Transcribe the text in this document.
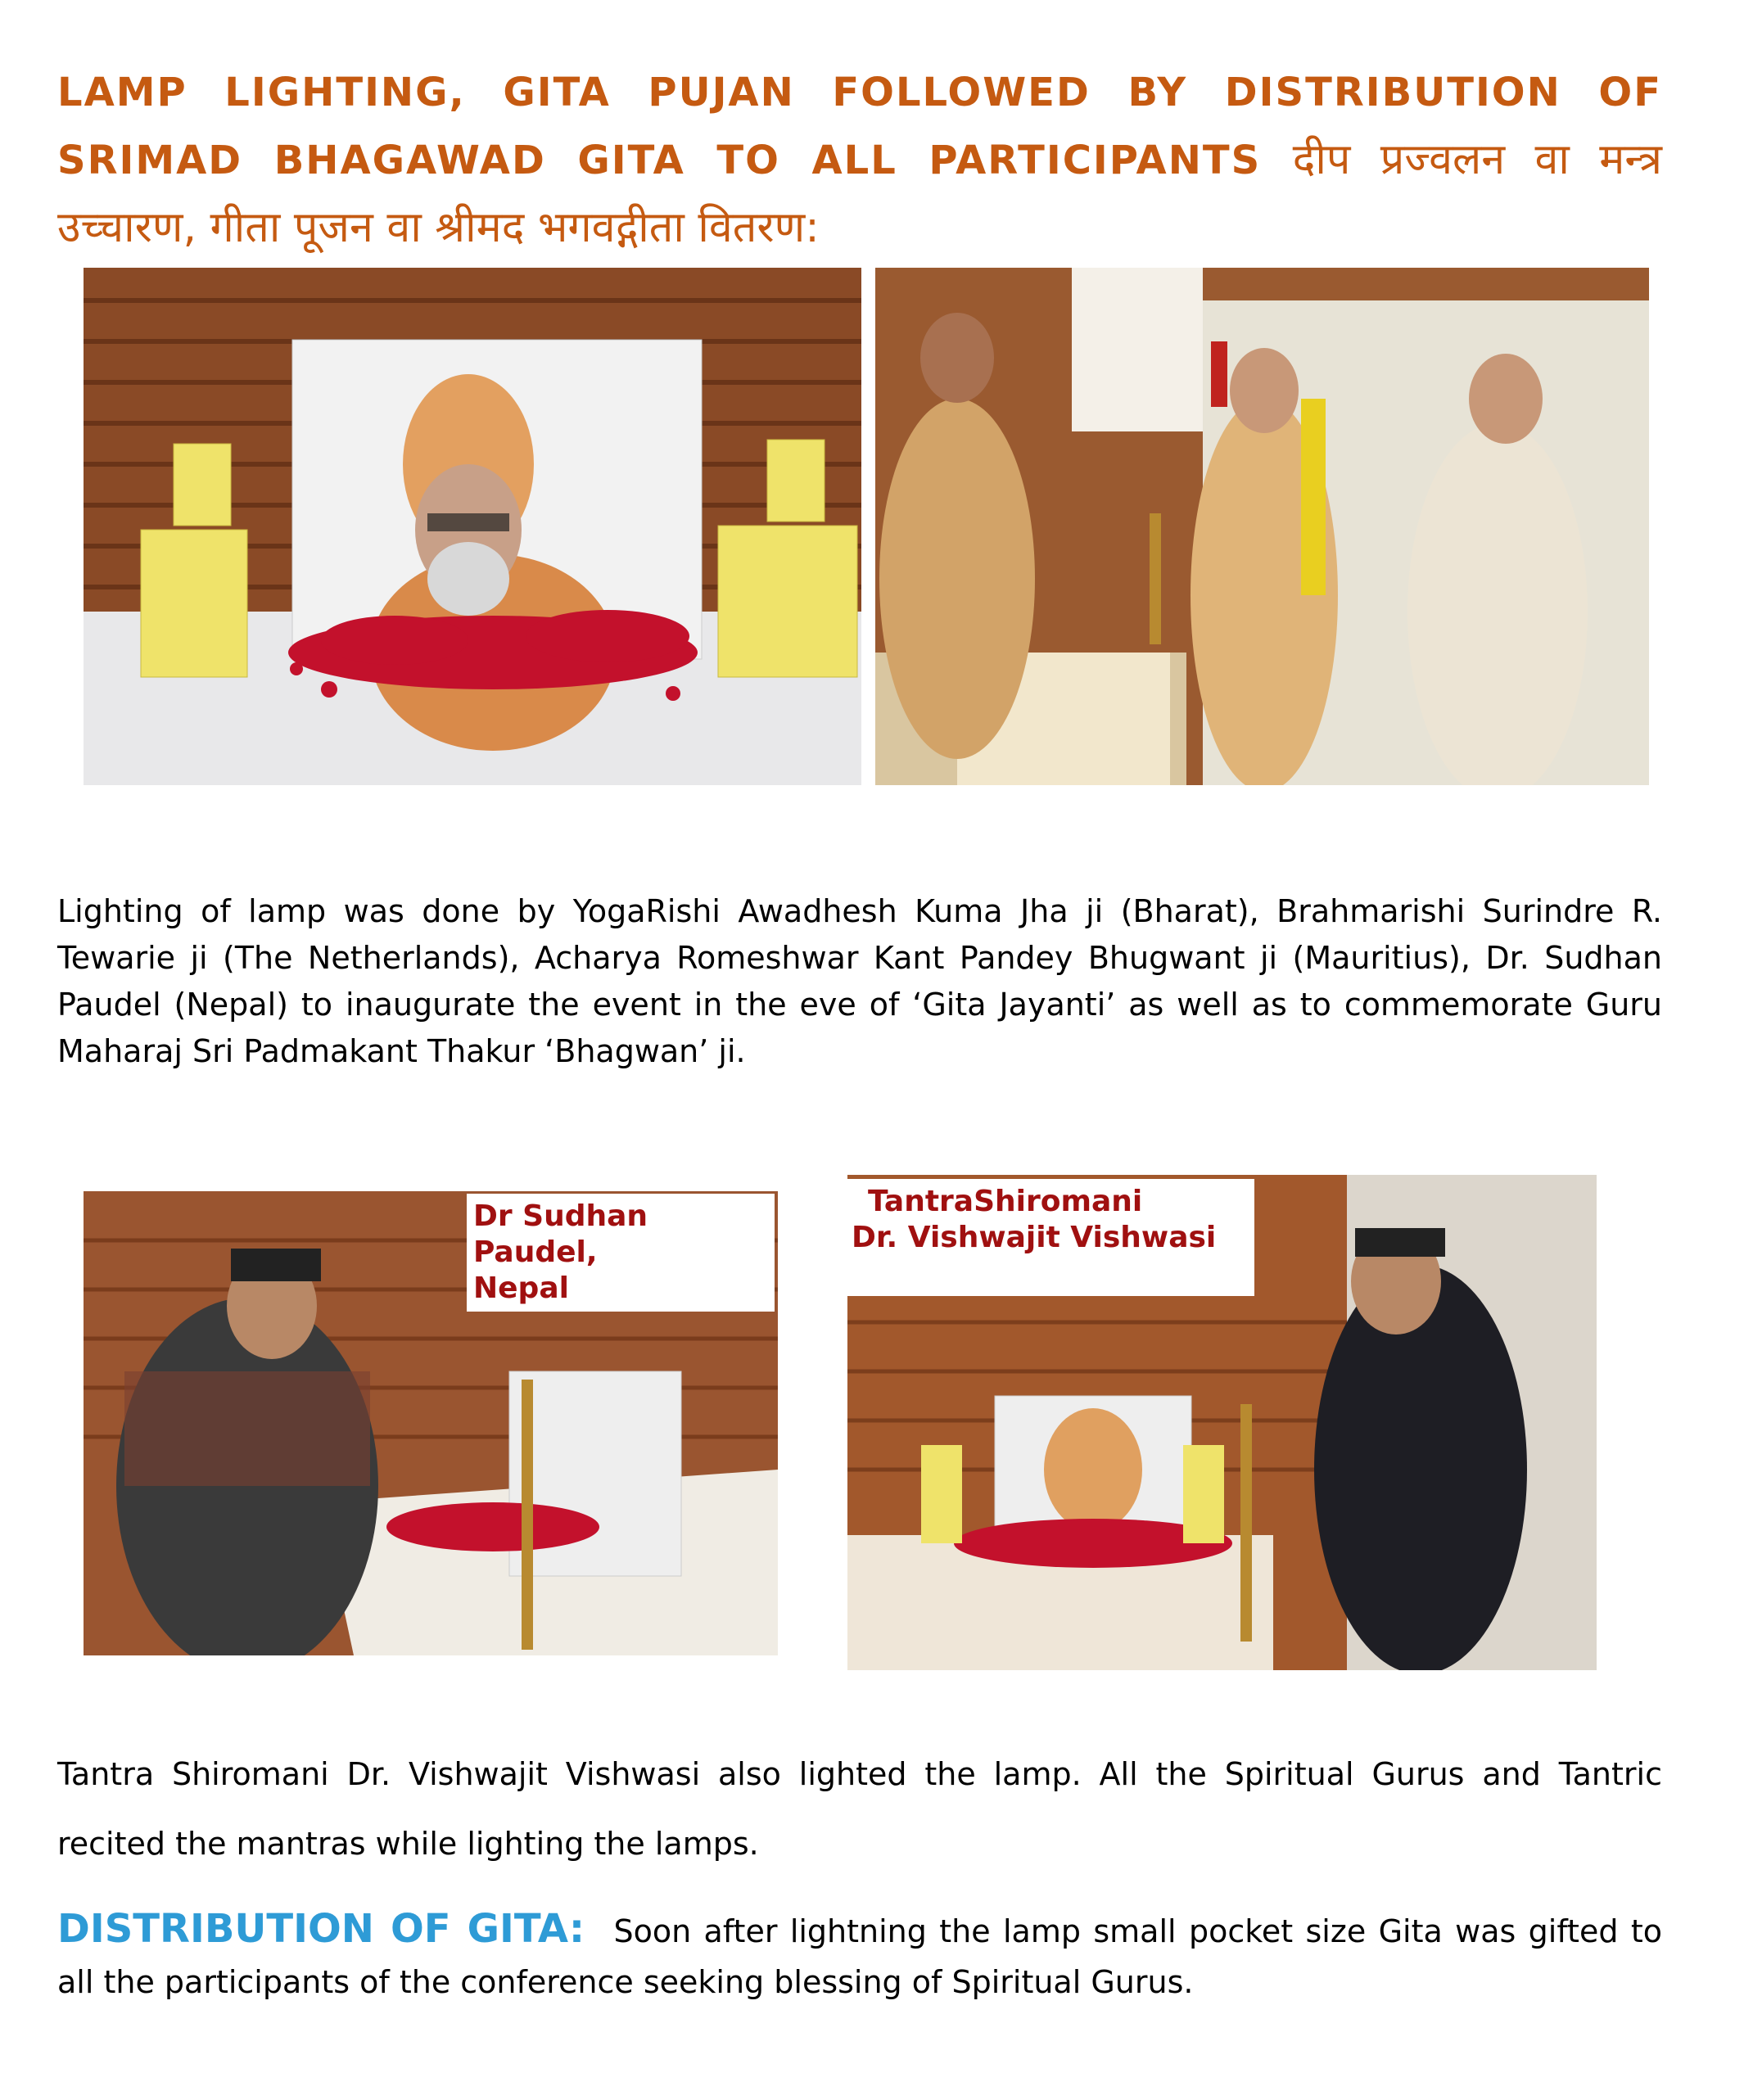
LAMP LIGHTING, GITA PUJAN FOLLOWED BY DISTRIBUTION OF SRIMAD BHAGAWAD GITA TO ALL PARTICIPANTS दीप प्रज्वलन वा मन्त्र उच्चारण, गीता पूजन वा श्रीमद भगवद्गीता वितरण:
Lighting of lamp was done by YogaRishi Awadhesh Kuma Jha ji (Bharat), Brahmarishi Surindre R. Tewarie ji (The Netherlands), Acharya Romeshwar Kant Pandey Bhugwant ji (Mauritius), Dr. Sudhan Paudel (Nepal) to inaugurate the event in the eve of ‘Gita Jayanti’ as well as to commemorate Guru Maharaj Sri Padmakant Thakur ‘Bhagwan’ ji.
Dr Sudhan Paudel,
Nepal
TantraShiromani
Dr. Vishwajit Vishwasi
Tantra Shiromani Dr. Vishwajit Vishwasi also lighted the lamp. All the Spiritual Gurus and Tantric recited the mantras while lighting the lamps.
DISTRIBUTION OF GITA: Soon after lightning the lamp small pocket size Gita was gifted to all the participants of the conference seeking blessing of Spiritual Gurus.
